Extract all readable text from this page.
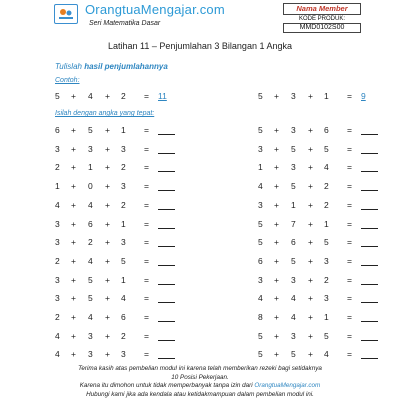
OrangtuaMengajar.com
Seri Matematika Dasar
Nama Member
KODE PRODUK:
MMD0102S00
Latihan 11 – Penjumlahan 3 Bilangan 1 Angka
Tulislah hasil penjumlahannya
Contoh:
Isilah dengan angka yang tepat:
5 + 4 + 2 = 11	5 + 3 + 1 = 9
6 + 5 + 1 =
3 + 3 + 3 =
2 + 1 + 2 =
1 + 0 + 3 =
4 + 4 + 2 =
3 + 6 + 1 =
3 + 2 + 3 =
2 + 4 + 5 =
3 + 5 + 1 =
3 + 5 + 4 =
2 + 4 + 6 =
4 + 3 + 2 =
4 + 3 + 3 =
5 + 3 + 6 =
3 + 5 + 5 =
1 + 3 + 4 =
4 + 5 + 2 =
3 + 1 + 2 =
5 + 7 + 1 =
5 + 6 + 5 =
6 + 5 + 3 =
3 + 3 + 2 =
4 + 4 + 3 =
8 + 4 + 1 =
5 + 3 + 5 =
5 + 5 + 4 =
Terima kasih atas pembelian modul ini karena telah memberikan rezeki bagi setidaknya
10 Posisi Pekerjaan.
Karena itu dimohon untuk tidak memperbanyak tanpa izin dari OrangtuaMengajar.com
Hubungi kami jika ada kendala atau ketidakmampuan dalam pembelian modul ini.
